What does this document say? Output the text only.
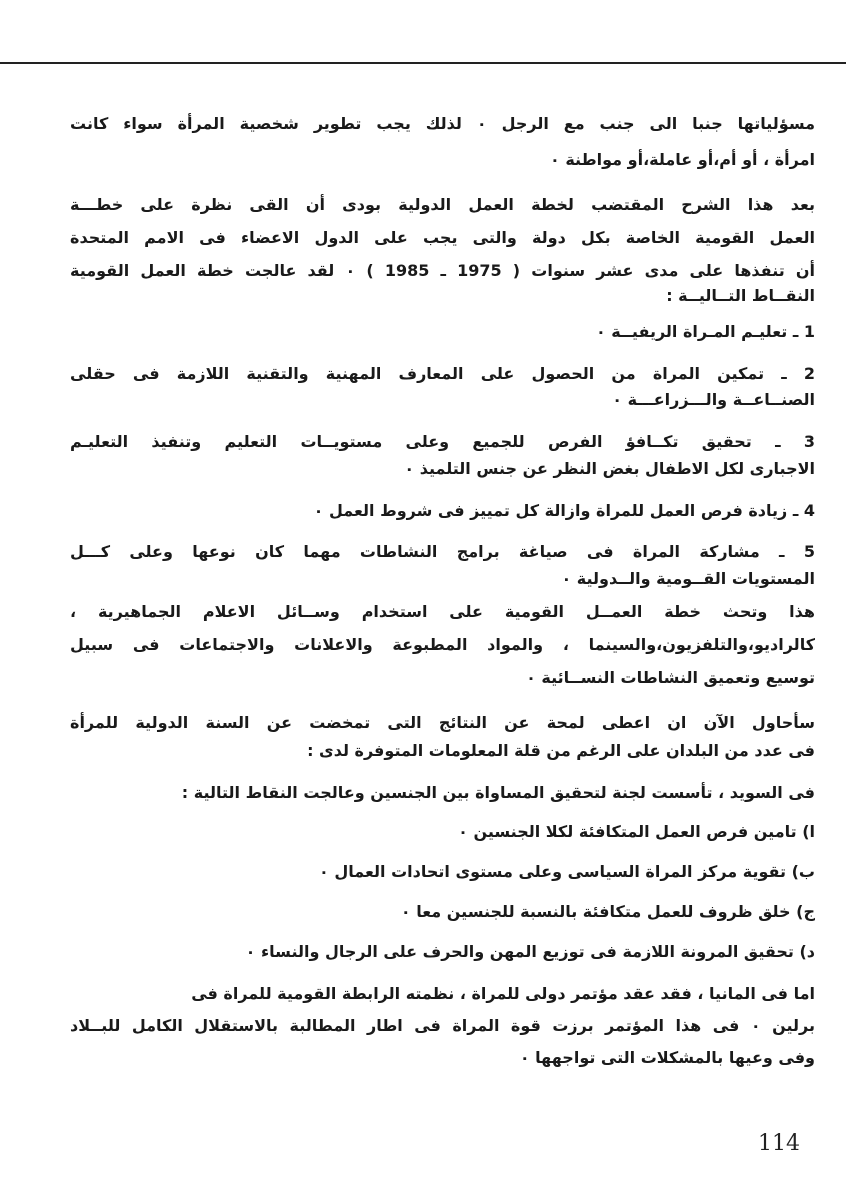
مسؤلياتها جنبا الى جنب مع الرجل ٠ لذلك يجب تطوير شخصية المرأة سواء كانت
امرأة ، أو أم،أو عاملة،أو مواطنة ٠
بعد هذا الشرح المقتضب لخطة العمل الدولية بودى أن القى نظرة على خطـــة
العمل القومية الخاصة بكل دولة والتى يجب على الدول الاعضاء فى الامم المتحدة
أن تنفذها على مدى عشر سنوات ( 1975 ـ 1985 ) ٠ لقد عالجت خطة العمل القومية
النقــاط التــاليــة :
1 ـ تعليـم المـراة الريفيــة ٠
2 ـ تمكين المراة من الحصول على المعارف المهنية والتقنية اللازمة فى حقلى
الصنــاعــة والـــزراعـــة ٠
3 ـ تحقيق تكــافؤ الفرص للجميع وعلى مستويــات التعليم وتنفيذ التعليـم
الاجبارى لكل الاطفال بغض النظر عن جنس التلميذ ٠
4 ـ زيادة فرص العمل للمراة وازالة كل تمييز فى شروط العمل ٠
5 ـ مشاركة المراة فى صياغة برامج النشاطات مهما كان نوعها وعلى كـــل
المستويات القــومية والــدولية ٠
هذا وتحث خطة العمــل القومية على استخدام وســائل الاعلام الجماهيرية ،
كالراديو،والتلفزيون،والسينما ، والمواد المطبوعة والاعلانات والاجتماعات فى سبيل
توسيع وتعميق النشاطات النســائية ٠
سأحاول الآن ان اعطى لمحة عن النتائج التى تمخضت عن السنة الدولية للمرأة
فى عدد من البلدان على الرغم من قلة المعلومات المتوفرة لدى :
فى السويد ، تأسست لجنة لتحقيق المساواة بين الجنسين وعالجت النقاط التالية :
ا) تامين فرص العمل المتكافئة لكلا الجنسين ٠
ب) تقوية مركز المراة السياسى وعلى مستوى اتحادات العمال ٠
ج) خلق ظروف للعمل متكافئة بالنسبة للجنسين معا ٠
د) تحقيق المرونة اللازمة فى توزيع المهن والحرف على الرجال والنساء ٠
اما فى المانيا ، فقد عقد مؤتمر دولى للمراة ، نظمته الرابطة القومية للمراة فى
برلين ٠ فى هذا المؤتمر برزت قوة المراة فى اطار المطالبة بالاستقلال الكامل للبــلاد
وفى وعيها بالمشكلات التى تواجهها ٠
114
